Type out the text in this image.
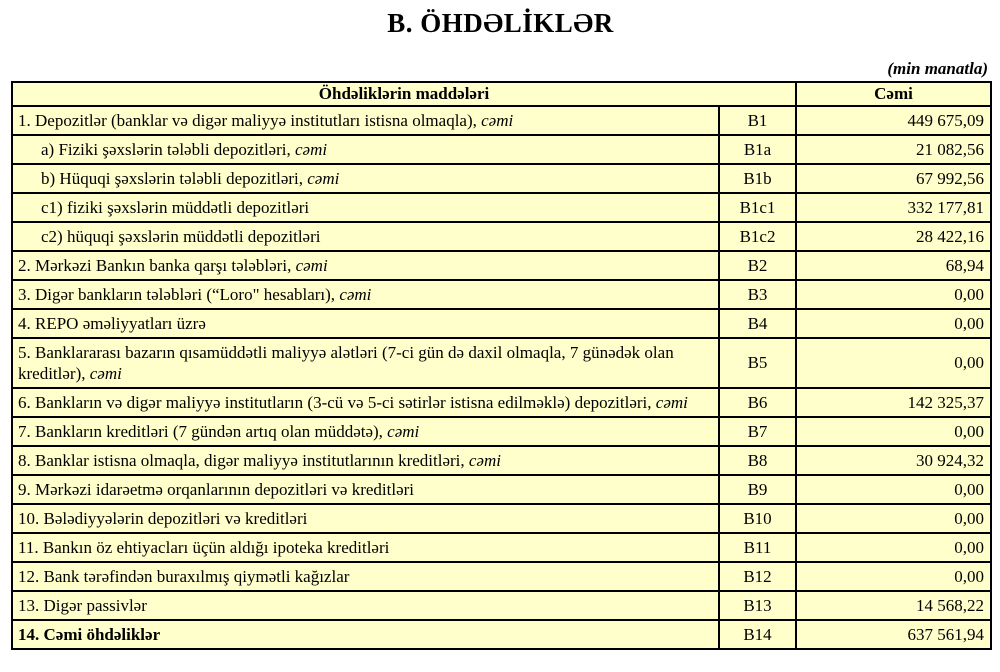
B. ÖHDƏLİKLƏR
(min manatla)
Öhdəliklərin maddələri		Cəmi
1. Depozitlər (banklar və digər maliyyə institutları istisna olmaqla), cəmi	B1	449 675,09
a) Fiziki şəxslərin tələbli depozitləri, cəmi	B1a	21 082,56
b) Hüquqi şəxslərin tələbli depozitləri, cəmi	B1b	67 992,56
c1) fiziki şəxslərin müddətli depozitləri	B1c1	332 177,81
c2) hüquqi şəxslərin müddətli depozitləri	B1c2	28 422,16
2. Mərkəzi Bankın banka qarşı tələbləri, cəmi	B2	68,94
3. Digər bankların tələbləri (“Loro" hesabları), cəmi	B3	0,00
4. REPO əməliyyatları üzrə	B4	0,00
5. Banklararası bazarın qısamüddətli maliyyə alətləri (7-ci gün də daxil olmaqla, 7 günədək olan kreditlər), cəmi	B5	0,00
6. Bankların və digər maliyyə institutların (3-cü və 5-ci sətirlər istisna edilməklə) depozitləri, cəmi	B6	142 325,37
7. Bankların kreditləri (7 gündən artıq olan müddətə), cəmi	B7	0,00
8. Banklar istisna olmaqla, digər maliyyə institutlarının kreditləri, cəmi	B8	30 924,32
9. Mərkəzi idarəetmə orqanlarının depozitləri və kreditləri	B9	0,00
10. Bələdiyyələrin depozitləri və kreditləri	B10	0,00
11. Bankın öz ehtiyacları üçün aldığı ipoteka kreditləri	B11	0,00
12. Bank tərəfindən buraxılmış qiymətli kağızlar	B12	0,00
13. Digər passivlər	B13	14 568,22
14. Cəmi öhdəliklər	B14	637 561,94
